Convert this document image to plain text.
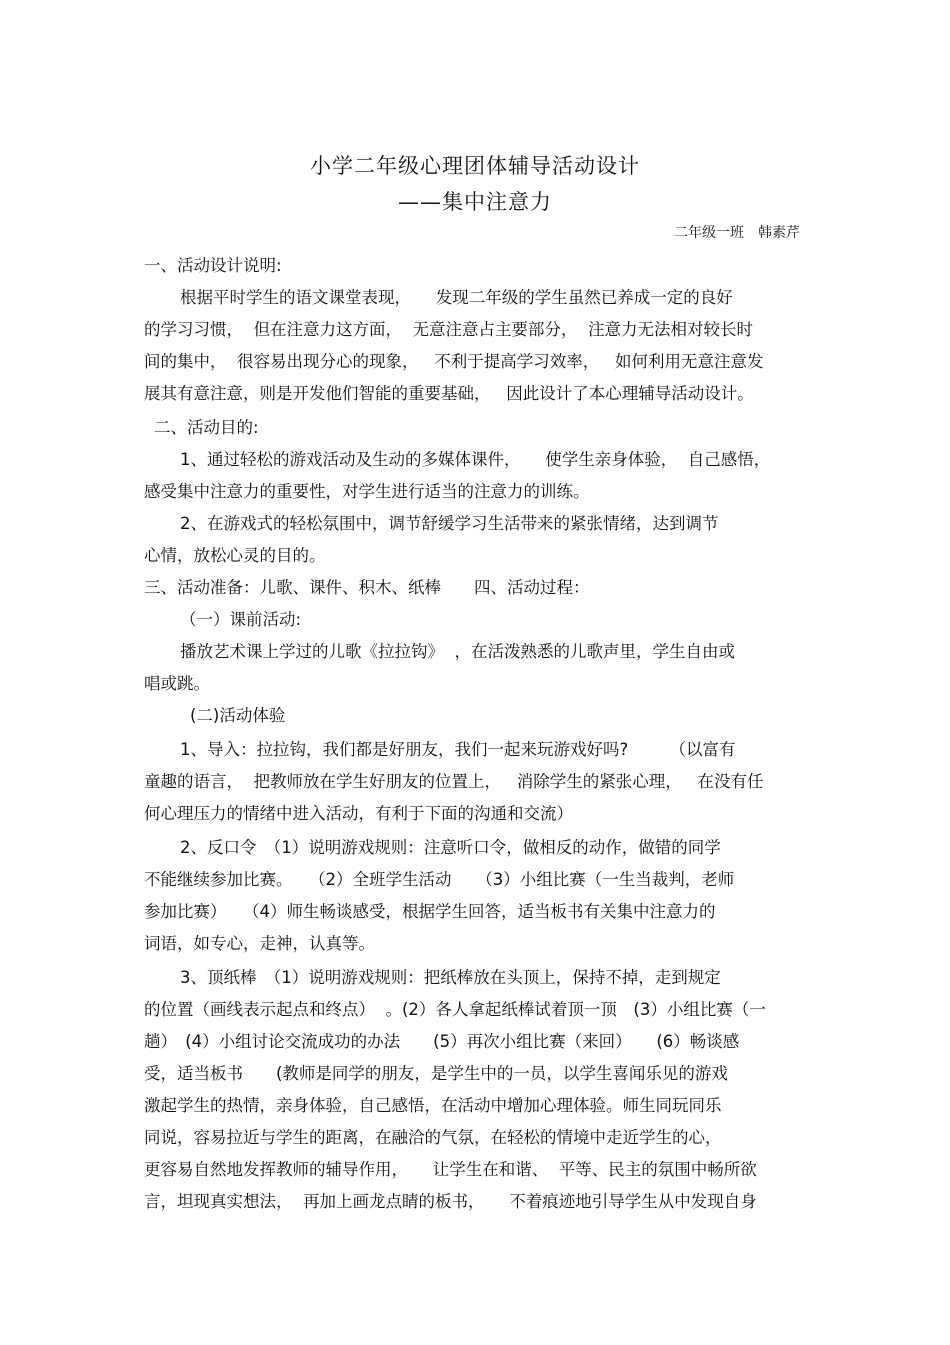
小学二年级心理团体辅导活动设计
——集中注意力
二年级一班　韩素芹
一、活动设计说明:
根据平时学生的语文课堂表现，　　发现二年级的学生虽然已养成一定的良好
的学习习惯，  但在注意力这方面，  无意注意占主要部分，  注意力无法相对较长时
间的集中，  很容易出现分心的现象，   不利于提高学习效率，   如何利用无意注意发
展其有意注意，则是开发他们智能的重要基础，   因此设计了本心理辅导活动设计。
二、活动目的:
1、通过轻松的游戏活动及生动的多媒体课件，　　使学生亲身体验，  自己感悟，
感受集中注意力的重要性，对学生进行适当的注意力的训练。
2、在游戏式的轻松氛围中，调节舒缓学习生活带来的紧张情绪，达到调节
心情，放松心灵的目的。
三、活动准备：儿歌、课件、积木、纸棒　　四、活动过程：
（一）课前活动:
播放艺术课上学过的儿歌《拉拉钩》  ，在活泼熟悉的儿歌声里，学生自由或
唱或跳。
(二)活动体验
1、导入：拉拉钩，我们都是好朋友，我们一起来玩游戏好吗?　　　（以富有
童趣的语言，  把教师放在学生好朋友的位置上，   消除学生的紧张心理，   在没有任
何心理压力的情绪中进入活动，有利于下面的沟通和交流）
2、反口令　（1）说明游戏规则：注意听口令，做相反的动作，做错的同学
不能继续参加比赛。　　（2）全班学生活动　　（3）小组比赛（一生当裁判，老师
参加比赛）　　（4）师生畅谈感受，根据学生回答，适当板书有关集中注意力的
词语，如专心，走神，认真等。
3、顶纸棒　（1）说明游戏规则：把纸棒放在头顶上，保持不掉，走到规定
的位置（画线表示起点和终点）  。(2）各人拿起纸棒试着顶一顶　(3）小组比赛（一
趟）　(4）小组讨论交流成功的办法　　(5）再次小组比赛（来回）　　(6）畅谈感
受，适当板书　　(教师是同学的朋友，是学生中的一员，以学生喜闻乐见的游戏
激起学生的热情，亲身体验，自己感悟，在活动中增加心理体验。师生同玩同乐
同说，容易拉近与学生的距离，在融洽的气氛，在轻松的情境中走近学生的心，
更容易自然地发挥教师的辅导作用，　　让学生在和谐、  平等、民主的氛围中畅所欲
言，坦现真实想法，  再加上画龙点睛的板书，　　不着痕迹地引导学生从中发现自身
